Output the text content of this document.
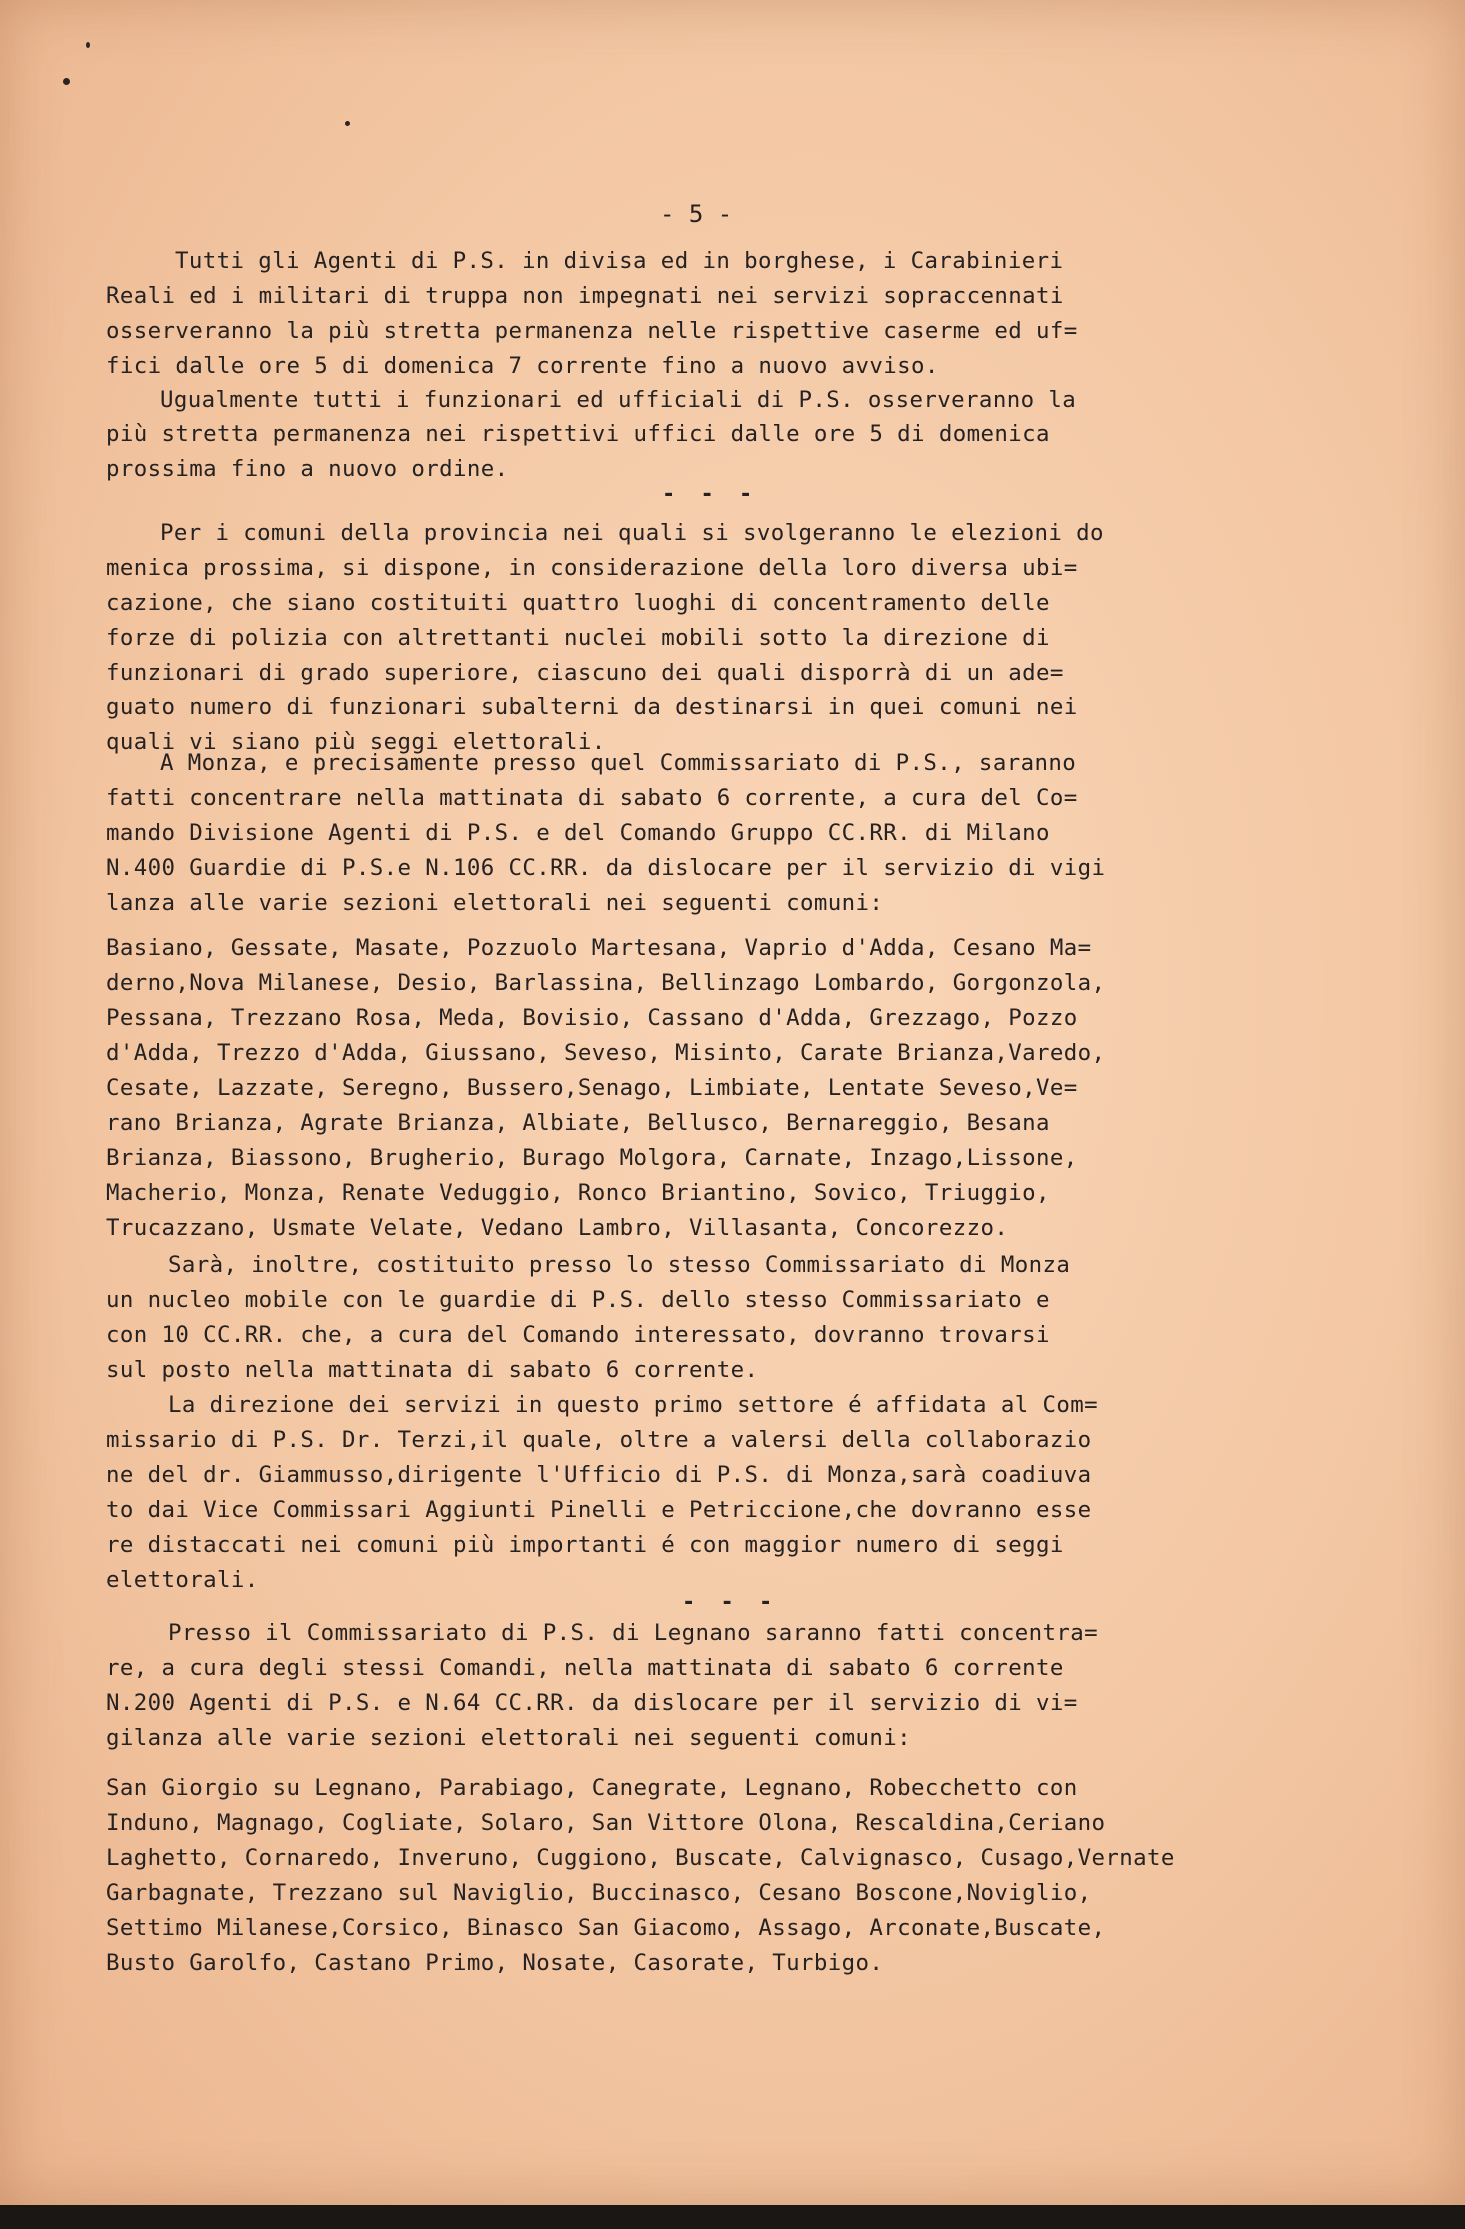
- 5 -

Tutti gli Agenti di P.S. in divisa ed in borghese, i Carabinieri

Reali ed i militari di truppa non impegnati nei servizi sopraccennati

osserveranno la più stretta permanenza nelle rispettive caserme ed uf=

fici dalle ore 5 di domenica 7 corrente fino a nuovo avviso.

Ugualmente tutti i funzionari ed ufficiali di P.S. osserveranno la

più stretta permanenza nei rispettivi uffici dalle ore 5 di domenica

prossima fino a nuovo ordine.

- - -

Per i comuni della provincia nei quali si svolgeranno le elezioni do

menica prossima, si dispone, in considerazione della loro diversa ubi=

cazione, che siano costituiti quattro luoghi di concentramento delle

forze di polizia con altrettanti nuclei mobili sotto la direzione di

funzionari di grado superiore, ciascuno dei quali disporrà di un ade=

guato numero di funzionari subalterni da destinarsi in quei comuni nei

quali vi siano più seggi elettorali.

A Monza, e precisamente presso quel Commissariato di P.S., saranno

fatti concentrare nella mattinata di sabato 6 corrente, a cura del Co=

mando Divisione Agenti di P.S. e del Comando Gruppo CC.RR. di Milano

N.400 Guardie di P.S.e N.106 CC.RR. da dislocare per il servizio di vigi

lanza alle varie sezioni elettorali nei seguenti comuni:

Basiano, Gessate, Masate, Pozzuolo Martesana, Vaprio d'Adda, Cesano Ma=

derno,Nova Milanese, Desio, Barlassina, Bellinzago Lombardo, Gorgonzola,

Pessana, Trezzano Rosa, Meda, Bovisio, Cassano d'Adda, Grezzago, Pozzo

d'Adda, Trezzo d'Adda, Giussano, Seveso, Misinto, Carate Brianza,Varedo,

Cesate, Lazzate, Seregno, Bussero,Senago, Limbiate, Lentate Seveso,Ve=

rano Brianza, Agrate Brianza, Albiate, Bellusco, Bernareggio, Besana

Brianza, Biassono, Brugherio, Burago Molgora, Carnate, Inzago,Lissone,

Macherio, Monza, Renate Veduggio, Ronco Briantino, Sovico, Triuggio,

Trucazzano, Usmate Velate, Vedano Lambro, Villasanta, Concorezzo.

Sarà, inoltre, costituito presso lo stesso Commissariato di Monza

un nucleo mobile con le guardie di P.S. dello stesso Commissariato e

con 10 CC.RR. che, a cura del Comando interessato, dovranno trovarsi

sul posto nella mattinata di sabato 6 corrente.

La direzione dei servizi in questo primo settore é affidata al Com=

missario di P.S. Dr. Terzi,il quale, oltre a valersi della collaborazio

ne del dr. Giammusso,dirigente l'Ufficio di P.S. di Monza,sarà coadiuva

to dai Vice Commissari Aggiunti Pinelli e Petriccione,che dovranno esse

re distaccati nei comuni più importanti é con maggior numero di seggi

elettorali.

- - -

Presso il Commissariato di P.S. di Legnano saranno fatti concentra=

re, a cura degli stessi Comandi, nella mattinata di sabato 6 corrente

N.200 Agenti di P.S. e N.64 CC.RR. da dislocare per il servizio di vi=

gilanza alle varie sezioni elettorali nei seguenti comuni:

San Giorgio su Legnano, Parabiago, Canegrate, Legnano, Robecchetto con

Induno, Magnago, Cogliate, Solaro, San Vittore Olona, Rescaldina,Ceriano

Laghetto, Cornaredo, Inveruno, Cuggiono, Buscate, Calvignasco, Cusago,Vernate

Garbagnate, Trezzano sul Naviglio, Buccinasco, Cesano Boscone,Noviglio,

Settimo Milanese,Corsico, Binasco San Giacomo, Assago, Arconate,Buscate,

Busto Garolfo, Castano Primo, Nosate, Casorate, Turbigo.
